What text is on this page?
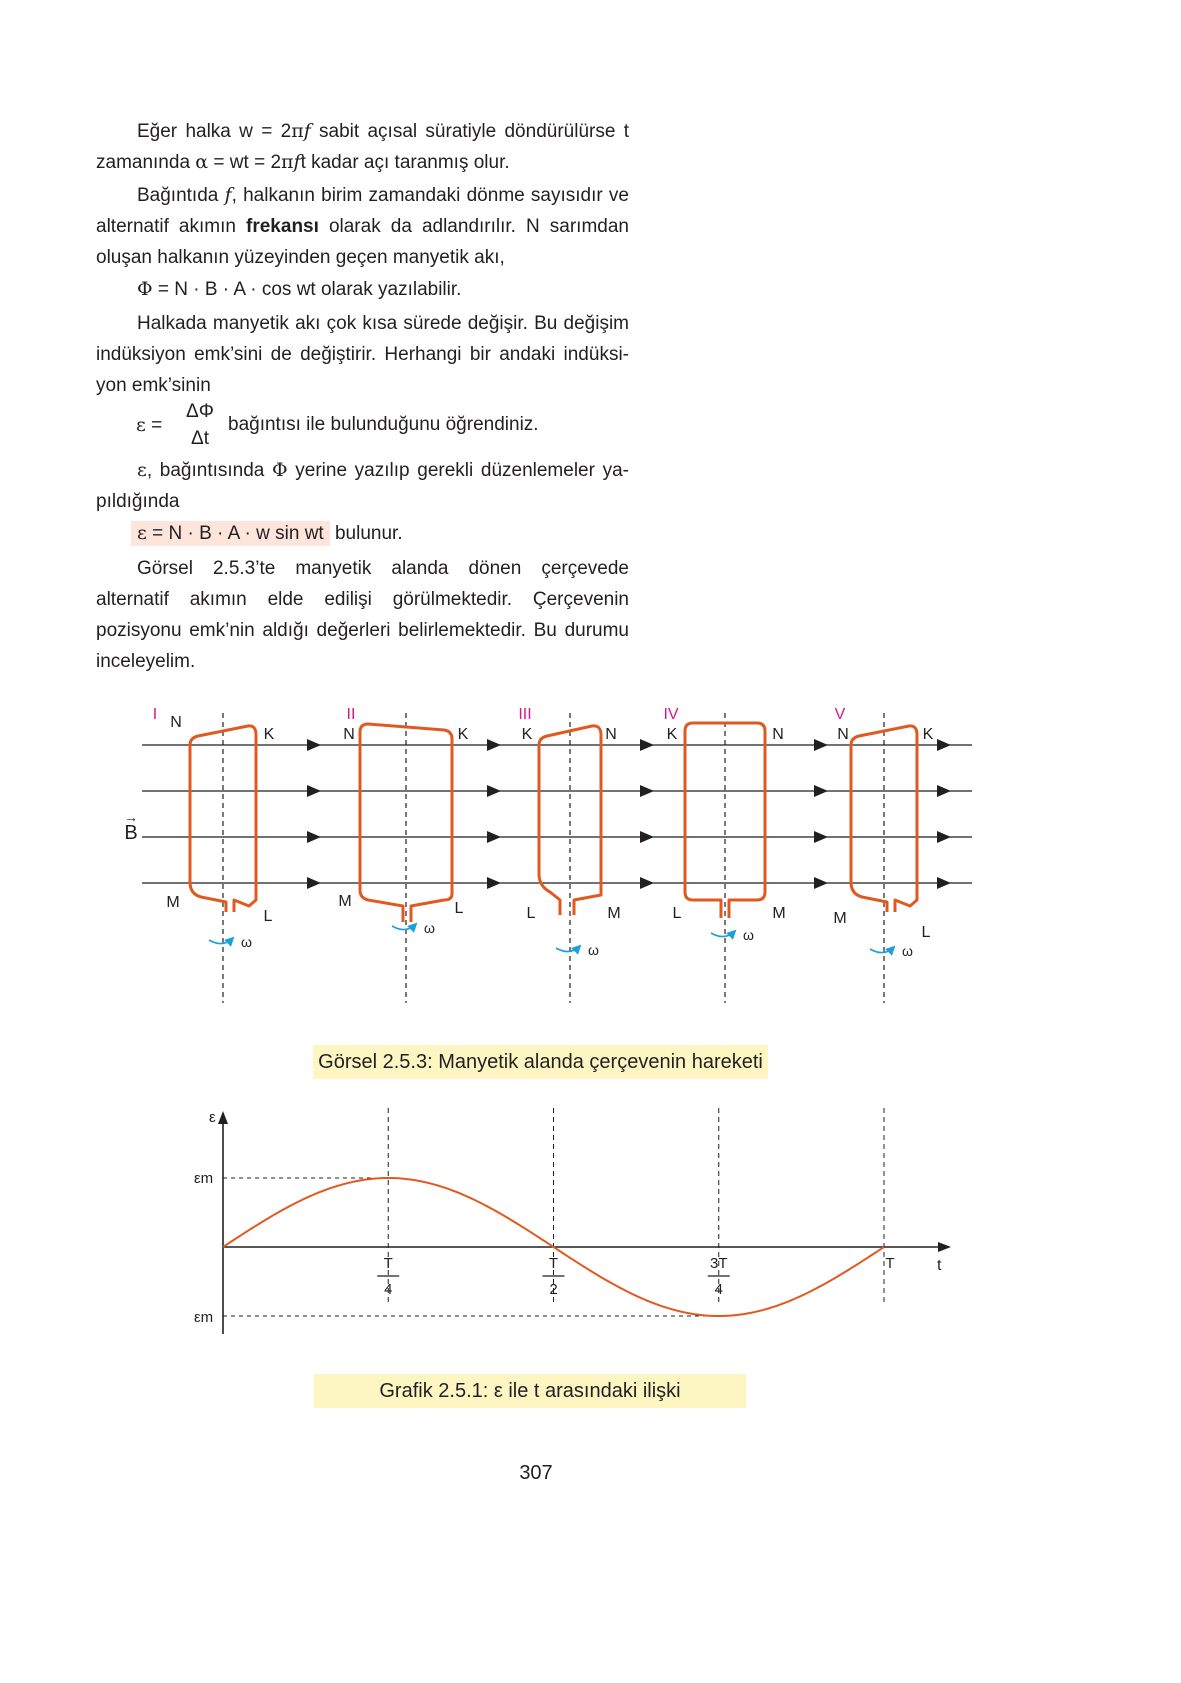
Eğer halka w = 2πf sabit açısal süratiyle döndürülürse t zamanında α = wt = 2πft kadar açı taranmış olur.

Bağıntıda f, halkanın birim zamandaki dönme sayısıdır ve alternatif akımın frekansı olarak da adlandırılır. N sarımdan oluşan halkanın yüzeyinden geçen manyetik akı,

Φ = N · B · A · cos wt olarak yazılabilir.

Halkada manyetik akı çok kısa sürede değişir. Bu değişim indüksiyon emk’sini de değiştirir. Herhangi bir andaki indüksi-yon emk’sinin

ε =
ΔΦ
Δt
bağıntısı ile bulunduğunu öğrendiniz.

ε, bağıntısında Φ yerine yazılıp gerekli düzenlemeler ya-pıldığında

ε = N · B · A · w sin wt bulunur.

Görsel 2.5.3’te manyetik alanda dönen çerçevede alternatif akımın elde edilişi görülmektedir. Çerçevenin pozisyonu emk’nin aldığı değerleri belirlemektedir. Bu durumu inceleyelim.

I N
K
M
L
ω
II
N	K
M	L
ω
III
K	N
L	M
ω
IV
K	N
L	M
ω
V
N	K
M
L
ω
→
B
Görsel 2.5.3: Manyetik alanda çerçevenin hareketi
ε
t
εm
εm
T
4
T
2
3T
4
T
Grafik 2.5.1: ε ile t arasındaki ilişki
307
